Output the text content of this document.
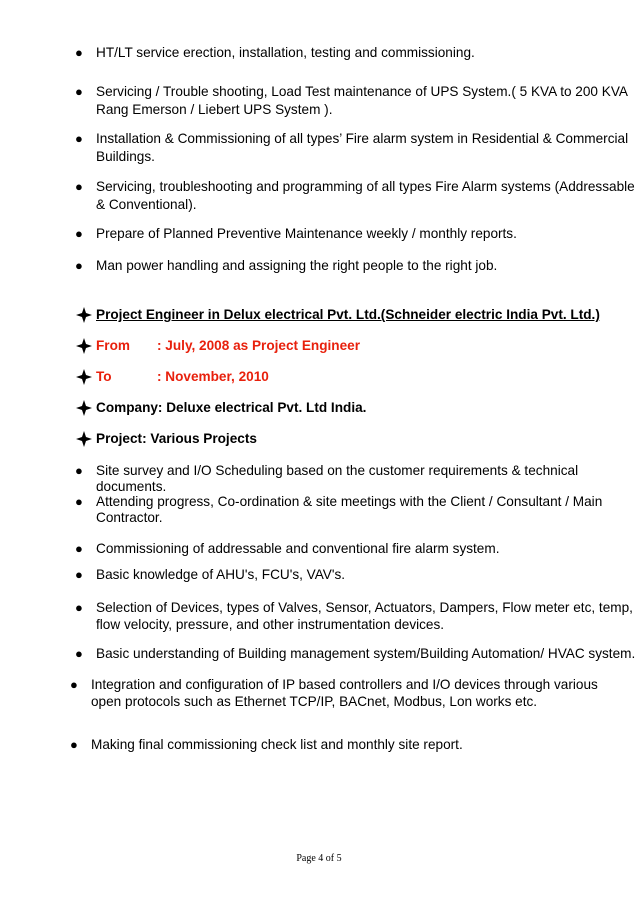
● HT/LT service erection, installation, testing and commissioning.
● Servicing / Trouble shooting, Load Test maintenance of UPS System.( 5 KVA to 200 KVA
Rang Emerson / Liebert UPS System ).
● Installation & Commissioning of all types’ Fire alarm system in Residential & Commercial
Buildings.
● Servicing, troubleshooting and programming of all types Fire Alarm systems (Addressable
& Conventional).
● Prepare of Planned Preventive Maintenance weekly / monthly reports.
● Man power handling and assigning the right people to the right job.
Project Engineer in Delux electrical Pvt. Ltd.(Schneider electric India Pvt. Ltd.)
From : July, 2008 as Project Engineer
To	: November, 2010
Company: Deluxe electrical Pvt. Ltd India.
Project: Various Projects
● Site survey and I/O Scheduling based on the customer requirements & technical
documents.
● Attending progress, Co-ordination & site meetings with the Client / Consultant / Main
Contractor.
● Commissioning of addressable and conventional fire alarm system.
● Basic knowledge of AHU's, FCU's, VAV's.
● Selection of Devices, types of Valves, Sensor, Actuators, Dampers, Flow meter etc, temp,
flow velocity, pressure, and other instrumentation devices.
● Basic understanding of Building management system/Building Automation/ HVAC system.
● Integration and configuration of IP based controllers and I/O devices through various
open protocols such as Ethernet TCP/IP, BACnet, Modbus, Lon works etc.
● Making final commissioning check list and monthly site report.
Page 4 of 5
